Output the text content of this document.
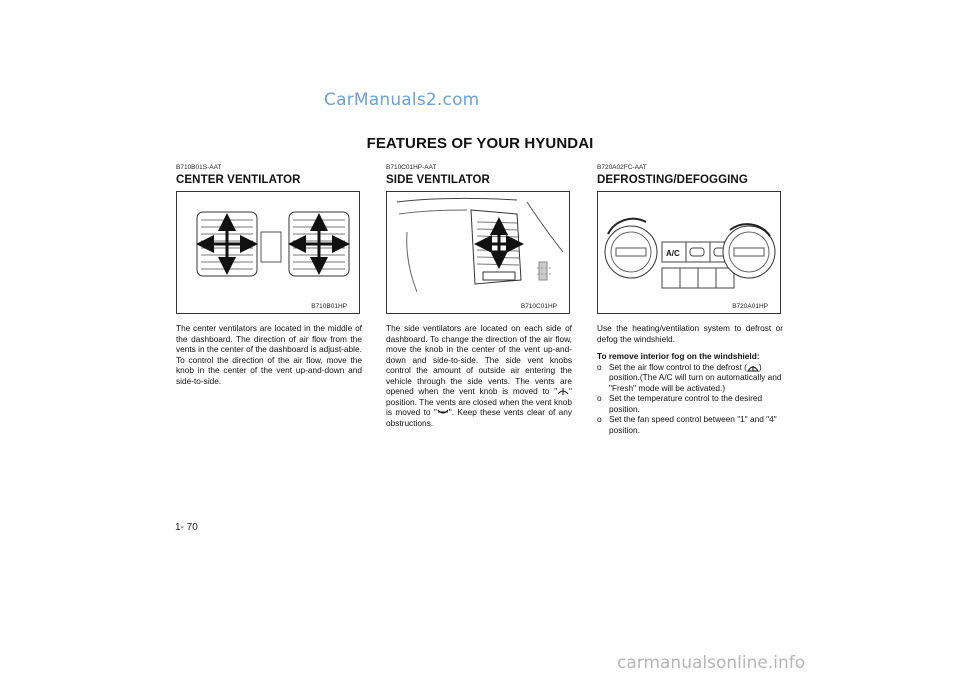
CarManuals2.com
FEATURES OF YOUR HYUNDAI
B710B01S-AAT
CENTER VENTILATOR
B710B01HP

The center ventilators are located in the middle of the dashboard. The direction of air flow from the vents in the center of the dashboard is adjust-able.

To control the direction of the air flow, move the knob in the center of the vent up-and-down and side-to-side.

B710C01HP-AAT
SIDE VENTILATOR
B710C01HP

The side ventilators are located on each side of dashboard. To change the direction of the air flow, move the knob in the center of the vent up-and-down and side-to-side. The side vent knobs control the amount of outside air entering the vehicle through the side vents. The vents are opened when the vent knob is moved to " " position. The vents are closed when the vent knob is moved to " ". Keep these vents clear of any obstructions.

B720A02FC-AAT
DEFROSTING/DEFOGGING
A/C
B720A01HP

Use the heating/ventilation system to defrost or defog the windshield.

To remove interior fog on the windshield:

o Set the air flow control to the defrost ( ) position.(The A/C will turn on automatically and "Fresh" mode will be activated.)
o Set the temperature control to the desired position.
o Set the fan speed control between "1" and "4" position.
1- 70
carmanualsonline.info
